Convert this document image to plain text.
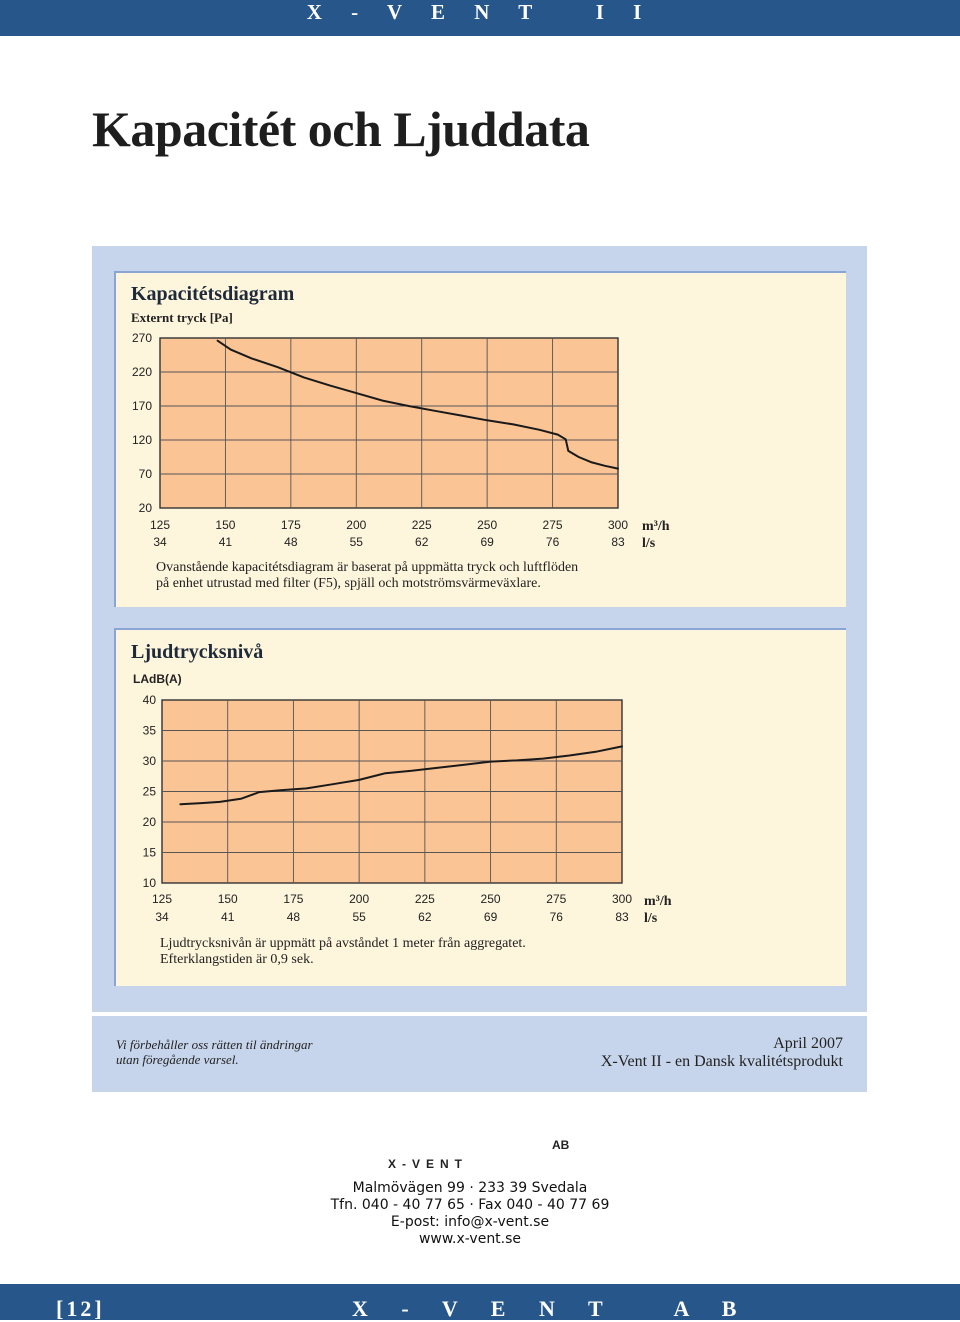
X - V E N T   I I
Kapacitét och Ljuddata
Kapacitétsdiagram
Externt tryck [Pa]
270
220
170
120
70
20
125
34
150
41
175
48
200
55
225
62
250
69
275
76
300
83
m³/h
l/s
Ovanstående kapacitétsdiagram är baserat på uppmätta tryck och luftflöden
på enhet utrustad med filter (F5), spjäll och motströmsvärmeväxlare.
Ljudtrycksnivå
LAdB(A)
40
35
30
25
20
15
10
125
34
150
41
175
48
200
55
225
62
250
69
275
76
300
83
m³/h
l/s
Ljudtrycksnivån är uppmätt på avståndet 1 meter från aggregatet.
Efterklangstiden är 0,9 sek.
Vi förbehåller oss rätten til ändringar
utan föregående varsel.
April 2007
X-Vent II - en Dansk kvalitétsprodukt
X-VENT
AB
Malmövägen 99 · 233 39 Svedala
Tfn. 040 - 40 77 65 · Fax 040 - 40 77 69
E-post: info@x-vent.se
www.x-vent.se
[12]	X - V E N T   A B
